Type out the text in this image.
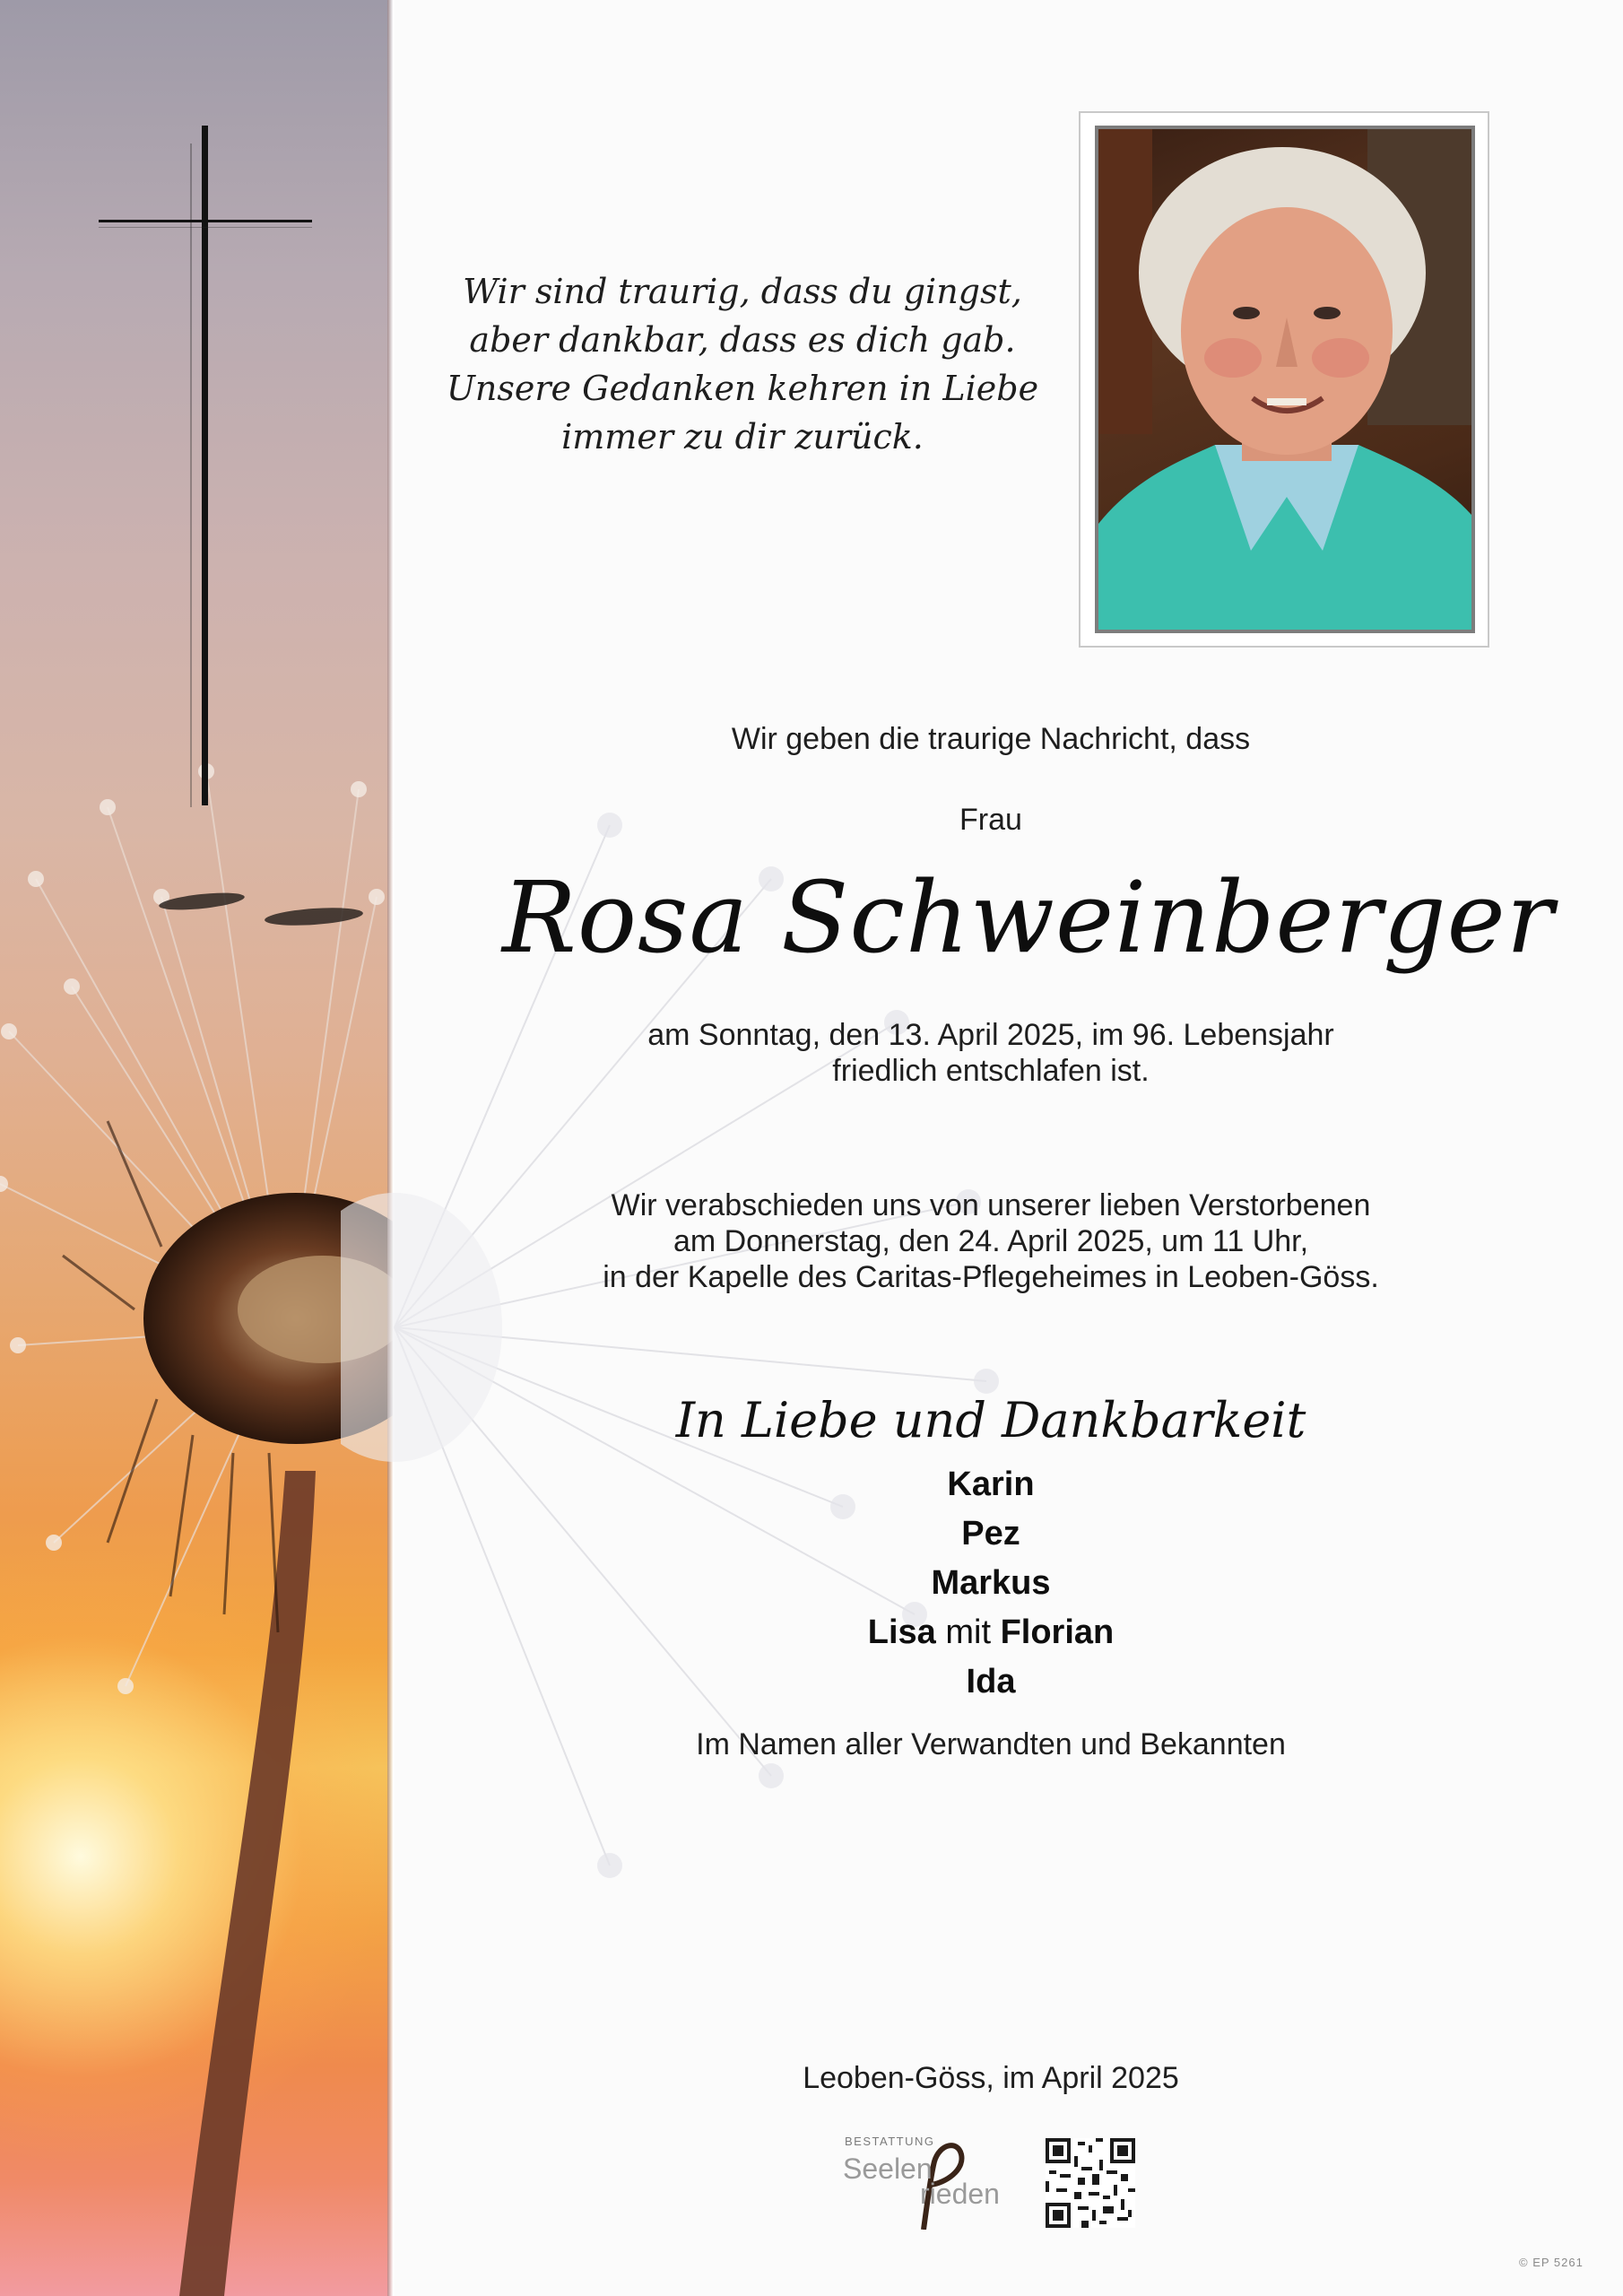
Wir sind traurig, dass du gingst,
aber dankbar, dass es dich gab.
Unsere Gedanken kehren in Liebe
immer zu dir zurück.
Wir geben die traurige Nachricht, dass
Frau
Rosa Schweinberger
am Sonntag, den 13. April 2025, im 96. Lebensjahr
friedlich entschlafen ist.
Wir verabschieden uns von unserer lieben Verstorbenen
am Donnerstag, den 24. April 2025, um 11 Uhr,
in der Kapelle des Caritas-Pflegeheimes in Leoben-Göss.
In Liebe und Dankbarkeit
Karin
Pez
Markus
Lisa mit Florian
Ida
Im Namen aller Verwandten und Bekannten
Leoben-Göss, im April 2025
BESTATTUNG
Seelen
rieden
© EP 5261
